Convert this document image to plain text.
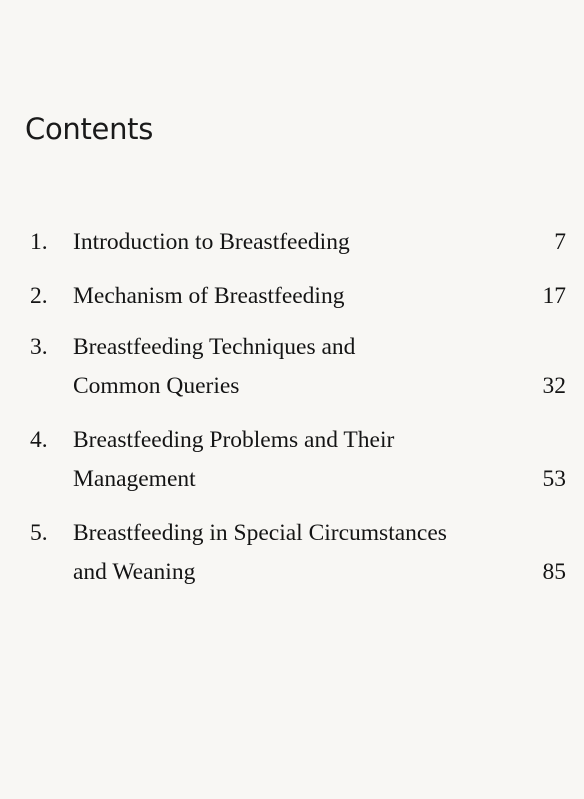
Contents
1. Introduction to Breastfeeding	7
2. Mechanism of Breastfeeding	17
3. Breastfeeding Techniques and
Common Queries	32
4. Breastfeeding Problems and Their
Management	53
5. Breastfeeding in Special Circumstances
and Weaning	85
